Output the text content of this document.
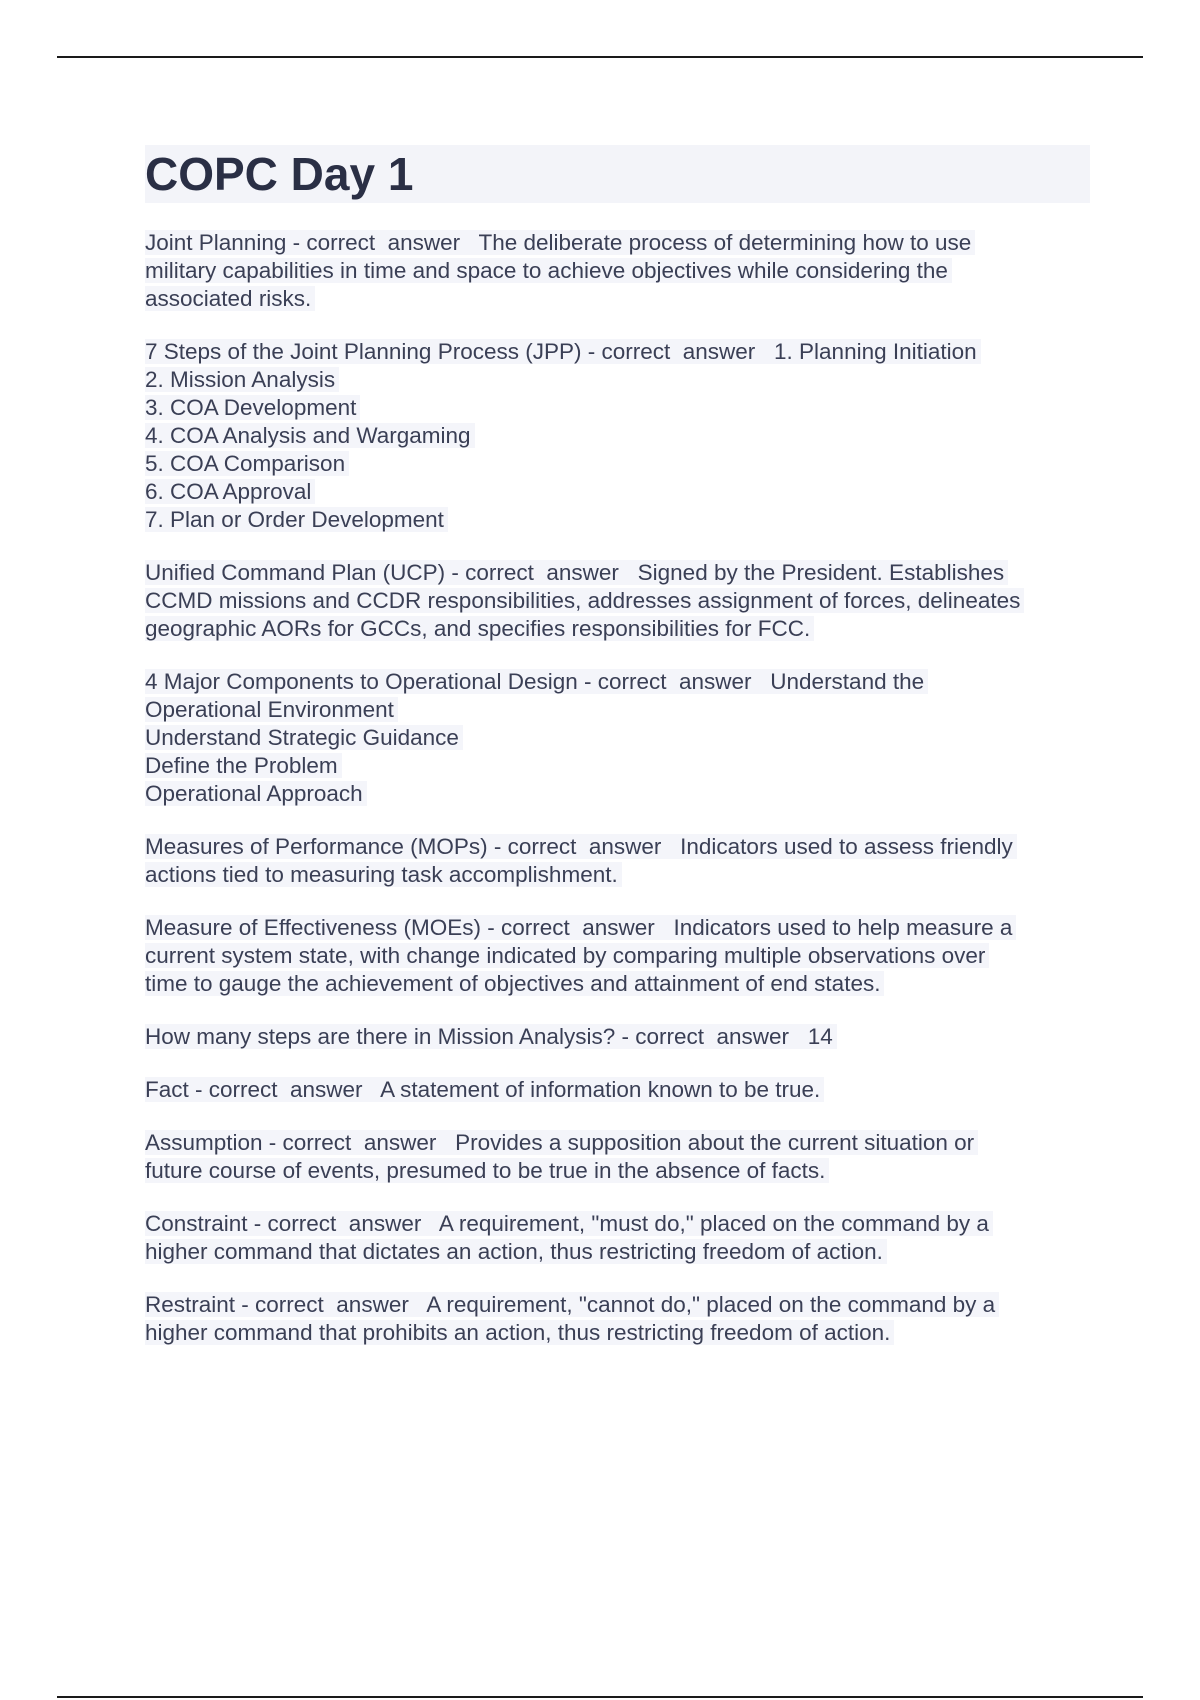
COPC Day 1
Joint Planning - correct  answer   The deliberate process of determining how to use
military capabilities in time and space to achieve objectives while considering the
associated risks.
7 Steps of the Joint Planning Process (JPP) - correct  answer   1. Planning Initiation
2. Mission Analysis
3. COA Development
4. COA Analysis and Wargaming
5. COA Comparison
6. COA Approval
7. Plan or Order Development
Unified Command Plan (UCP) - correct  answer   Signed by the President. Establishes
CCMD missions and CCDR responsibilities, addresses assignment of forces, delineates
geographic AORs for GCCs, and specifies responsibilities for FCC.
4 Major Components to Operational Design - correct  answer   Understand the
Operational Environment
Understand Strategic Guidance
Define the Problem
Operational Approach
Measures of Performance (MOPs) - correct  answer   Indicators used to assess friendly
actions tied to measuring task accomplishment.
Measure of Effectiveness (MOEs) - correct  answer   Indicators used to help measure a
current system state, with change indicated by comparing multiple observations over
time to gauge the achievement of objectives and attainment of end states.
How many steps are there in Mission Analysis? - correct  answer   14
Fact - correct  answer   A statement of information known to be true.
Assumption - correct  answer   Provides a supposition about the current situation or
future course of events, presumed to be true in the absence of facts.
Constraint - correct  answer   A requirement, "must do," placed on the command by a
higher command that dictates an action, thus restricting freedom of action.
Restraint - correct  answer   A requirement, "cannot do," placed on the command by a
higher command that prohibits an action, thus restricting freedom of action.
